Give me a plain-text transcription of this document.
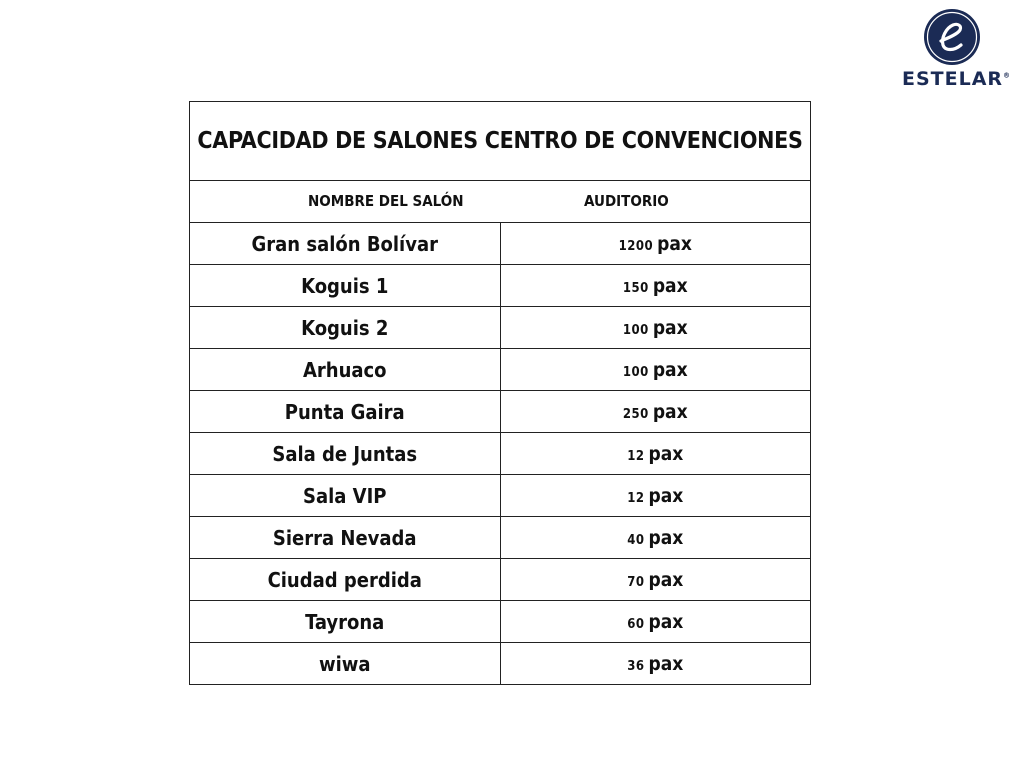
ESTELAR®
CAPACIDAD DE SALONES CENTRO DE CONVENCIONES	

NOMBRE DEL SALÓN AUDITORIO	

Gran salón Bolívar	1200 pax
Koguis 1	150 pax
Koguis 2	100 pax
Arhuaco	100 pax
Punta Gaira	250 pax
Sala de Juntas	12 pax
Sala VIP	12 pax
Sierra Nevada	40 pax
Ciudad perdida	70 pax
Tayrona	60 pax
wiwa	36 pax
